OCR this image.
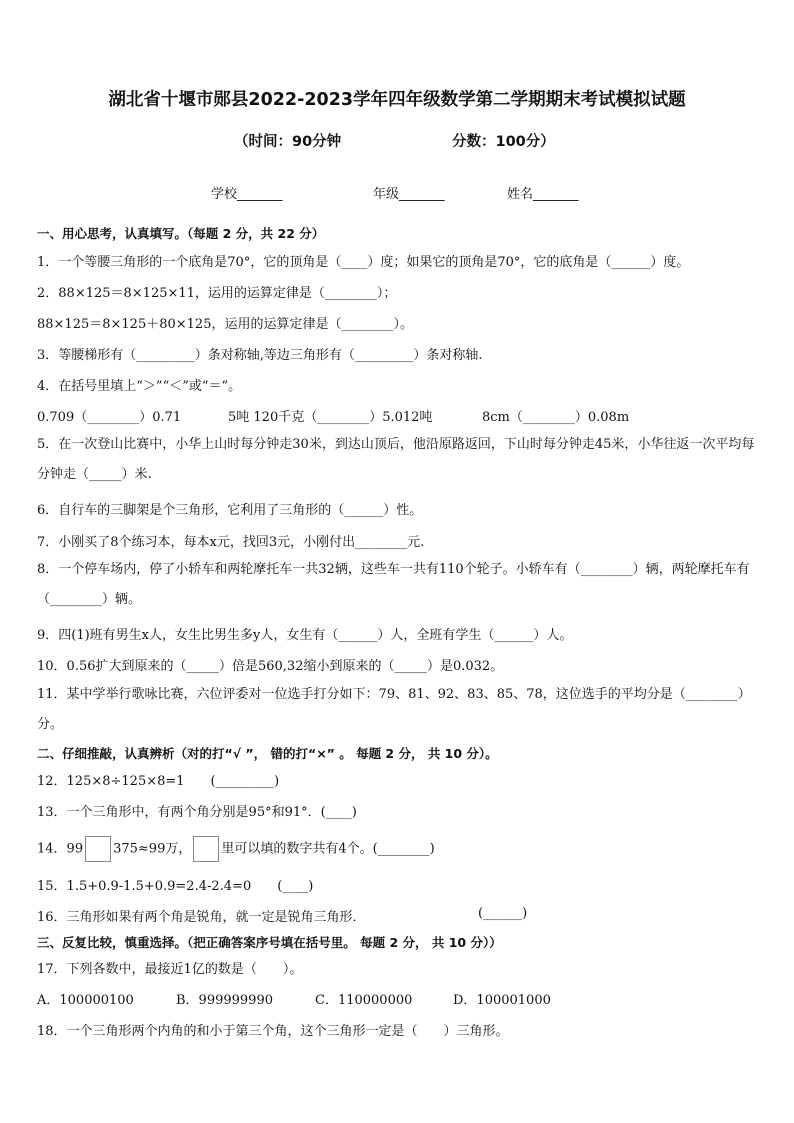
湖北省十堰市郧县2022-2023学年四年级数学第二学期期末考试模拟试题
（时间：90分钟	分数：100分）
学校_______	年级_______	姓名_______
一、用心思考，认真填写。（每题 2 分，共 22 分）
1．一个等腰三角形的一个底角是70°，它的顶角是（____）度；如果它的顶角是70°，它的底角是（______）度。
2．88×125＝8×125×11，运用的运算定律是（________）；
88×125＝8×125＋80×125，运用的运算定律是（________）。
3．等腰梯形有（_________）条对称轴,等边三角形有（_________）条对称轴.
4．在括号里填上“＞”“＜”或“＝”。
0.709（________）0.71	5吨 120千克（________）5.012吨	8cm（________）0.08m
5．在一次登山比赛中，小华上山时每分钟走30米，到达山顶后，他沿原路返回，下山时每分钟走45米，小华往返一次平均每分钟走（_____）米.
6．自行车的三脚架是个三角形，它利用了三角形的（______）性。
7．小刚买了8个练习本，每本x元，找回3元，小刚付出________元.
8．一个停车场内，停了小轿车和两轮摩托车一共32辆，这些车一共有110个轮子。小轿车有（________）辆，两轮摩托车有（________）辆。
9．四(1)班有男生x人，女生比男生多y人，女生有（______）人，全班有学生（______）人。
10．0.56扩大到原来的（_____）倍是560,32缩小到原来的（_____）是0.032。
11．某中学举行歌咏比赛，六位评委对一位选手打分如下：79、81、92、83、85、78，这位选手的平均分是（________）分。
二、仔细推敲，认真辨析（对的打“√ ”， 错的打“×” 。 每题 2 分， 共 10 分）。
12．125×8÷125×8=1　　(_________)
13．一个三角形中，有两个角分别是95°和91°．(____)
14．99 375≈99万， 里可以填的数字共有4个。(________)
15．1.5+0.9-1.5+0.9=2.4-2.4=0　　(____)
16．三角形如果有两个角是锐角，就一定是锐角三角形．	(______)
三、反复比较，慎重选择。（把正确答案序号填在括号里。 每题 2 分， 共 10 分））
17．下列各数中，最接近1亿的数是（　　）。
A．100000100	B．999999990	C．110000000	D．100001000
18．一个三角形两个内角的和小于第三个角，这个三角形一定是（　　）三角形。
